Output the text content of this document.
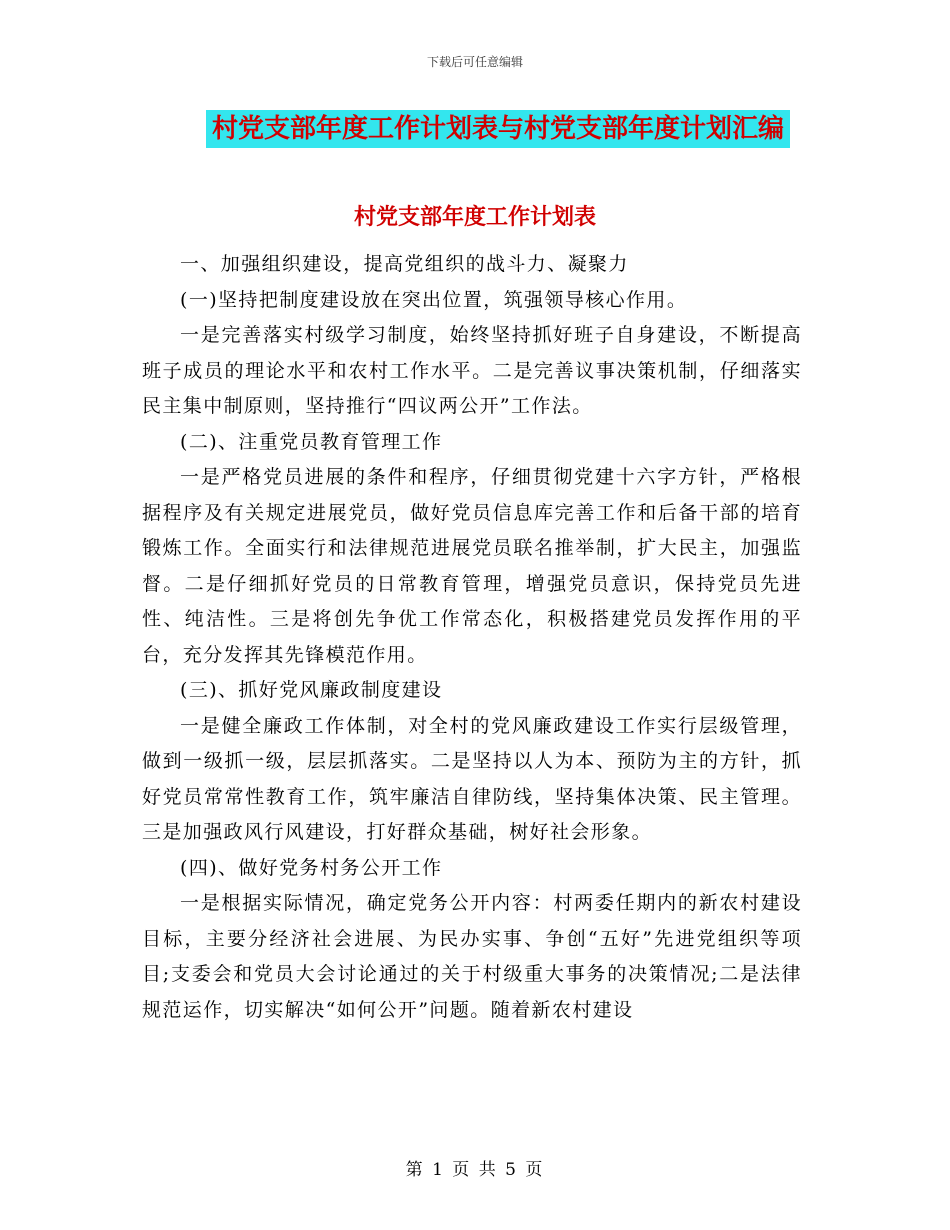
下载后可任意编辑
村党支部年度工作计划表与村党支部年度计划汇编
村党支部年度工作计划表

一、加强组织建设，提高党组织的战斗力、凝聚力

(一)坚持把制度建设放在突出位置，筑强领导核心作用。

一是完善落实村级学习制度，始终坚持抓好班子自身建设，不断提高班子成员的理论水平和农村工作水平。二是完善议事决策机制，仔细落实民主集中制原则，坚持推行“四议两公开”工作法。

(二)、注重党员教育管理工作

一是严格党员进展的条件和程序，仔细贯彻党建十六字方针，严格根据程序及有关规定进展党员，做好党员信息库完善工作和后备干部的培育锻炼工作。全面实行和法律规范进展党员联名推举制，扩大民主，加强监督。二是仔细抓好党员的日常教育管理，增强党员意识，保持党员先进性、纯洁性。三是将创先争优工作常态化，积极搭建党员发挥作用的平台，充分发挥其先锋模范作用。

(三)、抓好党风廉政制度建设

一是健全廉政工作体制，对全村的党风廉政建设工作实行层级管理，做到一级抓一级，层层抓落实。二是坚持以人为本、预防为主的方针，抓好党员常常性教育工作，筑牢廉洁自律防线，坚持集体决策、民主管理。三是加强政风行风建设，打好群众基础，树好社会形象。

(四)、做好党务村务公开工作

一是根据实际情况，确定党务公开内容：村两委任期内的新农村建设目标，主要分经济社会进展、为民办实事、争创“五好”先进党组织等项目;支委会和党员大会讨论通过的关于村级重大事务的决策情况;二是法律规范运作，切实解决“如何公开”问题。随着新农村建设

第 1 页 共 5 页
